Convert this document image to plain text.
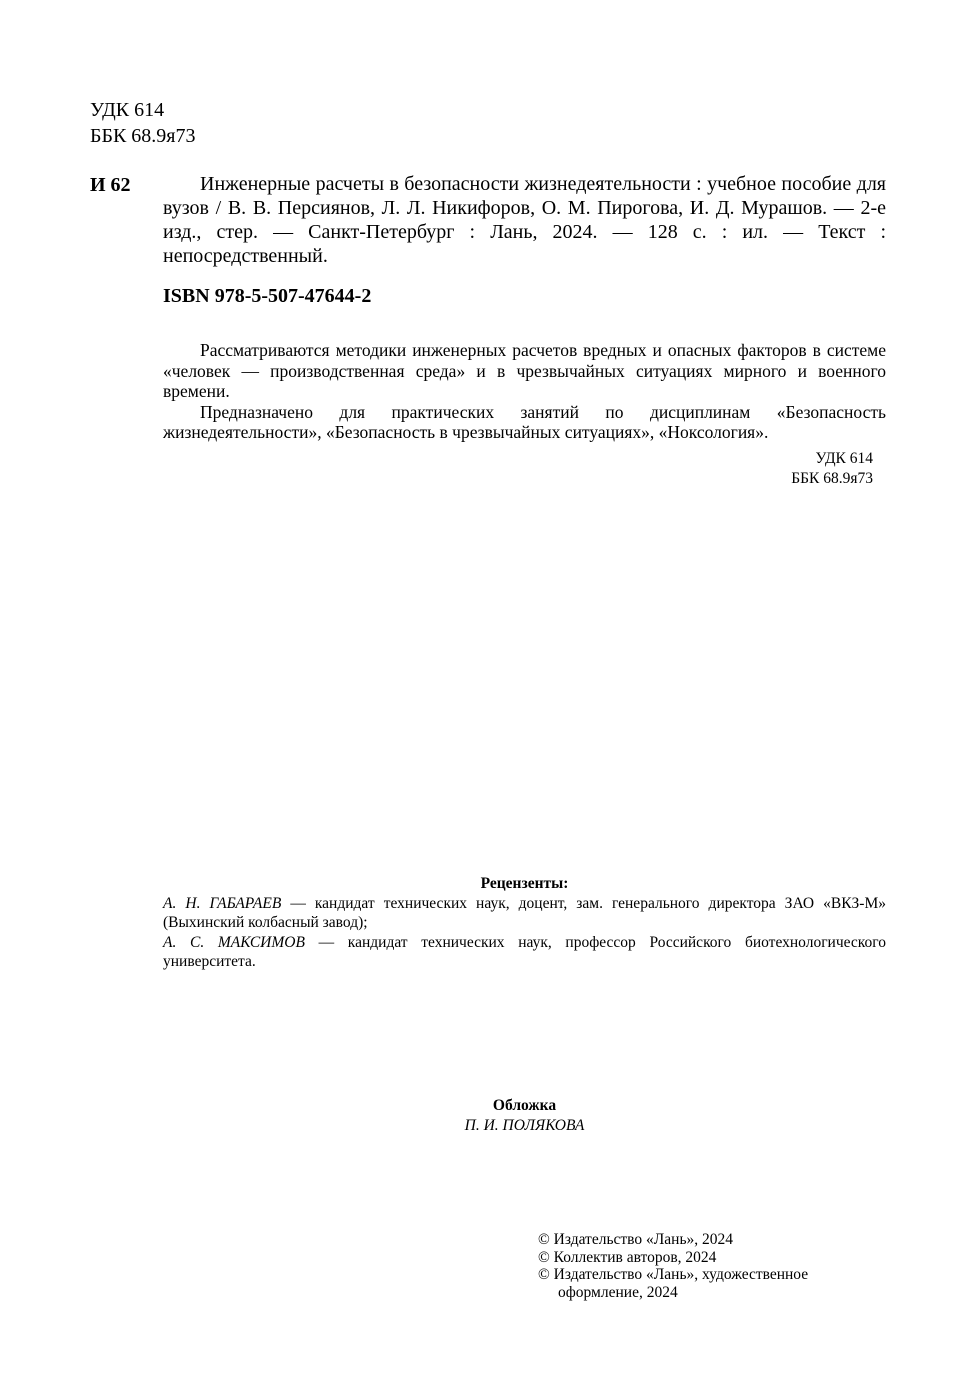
УДК 614
ББК 68.9я73
И 62	Инженерные расчеты в безопасности жизнедеятельности : учебное пособие для вузов / В. В. Персиянов, Л. Л. Никифоров, О. М. Пирогова, И. Д. Мурашов. — 2-е изд., стер. — Санкт-Петербург : Лань, 2024. — 128 с. : ил. — Текст : непосредственный.
ISBN 978-5-507-47644-2

Рассматриваются методики инженерных расчетов вредных и опасных факторов в системе «человек — производственная среда» и в чрезвычайных ситуациях мирного и военного времени.

Предназначено для практических занятий по дисциплинам «Безопасность жизнедеятельности», «Безопасность в чрезвычайных ситуациях», «Ноксология».

УДК 614
ББК 68.9я73
Рецензенты:
А. Н. ГАБАРАЕВ — кандидат технических наук, доцент, зам. генерального директора ЗАО «ВКЗ-М» (Выхинский колбасный завод);
А. С. МАКСИМОВ — кандидат технических наук, профессор Российского биотехнологического университета.
Обложка
П. И. ПОЛЯКОВА
© Издательство «Лань», 2024
© Коллектив авторов, 2024
© Издательство «Лань», художественное
оформление, 2024
